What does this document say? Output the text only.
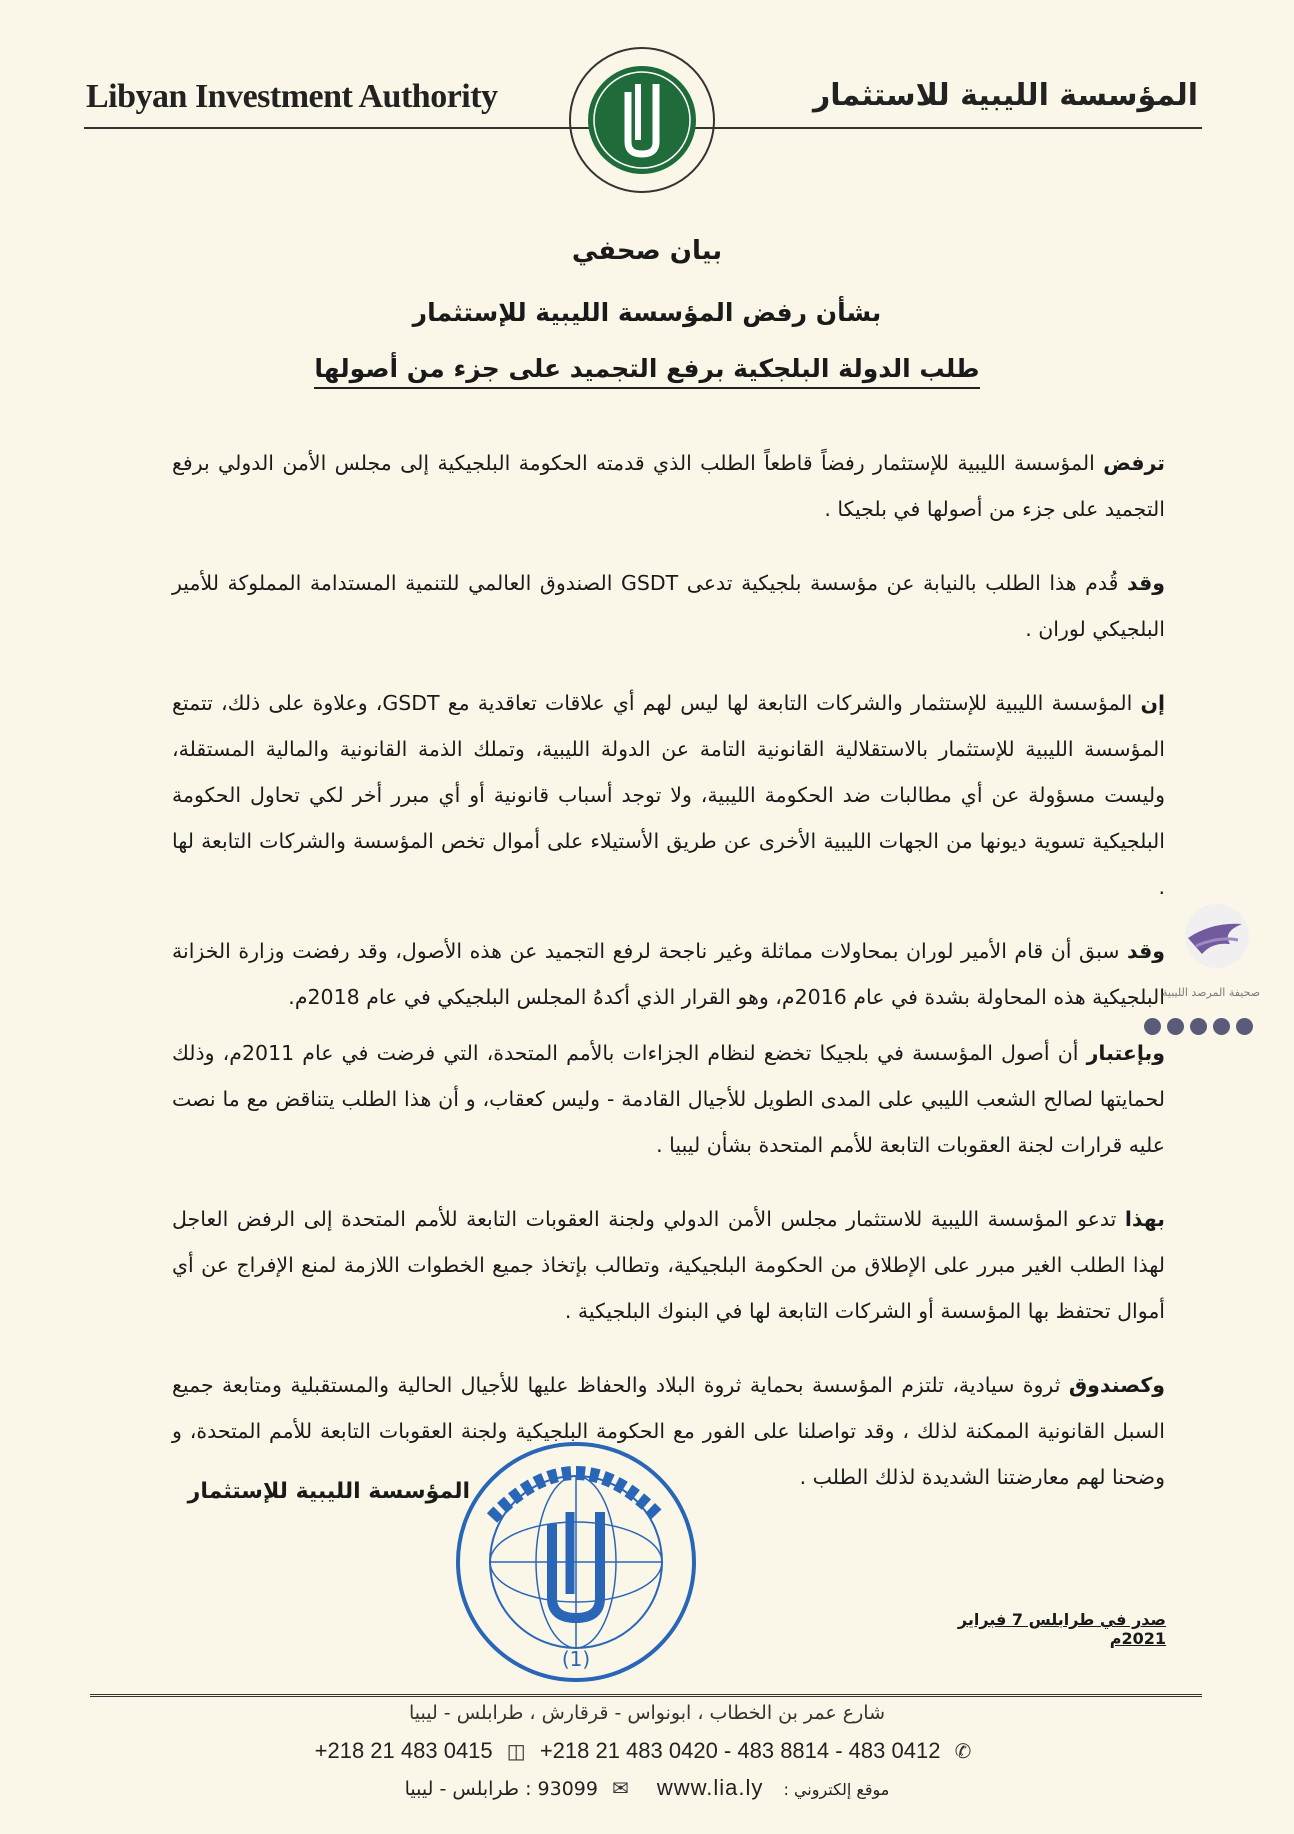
Libyan Investment Authority	المؤسسة الليبية للاستثمار
بيان صحفي
بشأن رفض المؤسسة الليبية للإستثمار
طلب الدولة البلجكية برفع التجميد على جزء من أصولها

ترفض المؤسسة الليبية للإستثمار رفضاً قاطعاً الطلب الذي قدمته الحكومة البلجيكية إلى مجلس الأمن الدولي برفع التجميد على جزء من أصولها في بلجيكا .

وقد قُدم هذا الطلب بالنيابة عن مؤسسة بلجيكية تدعى GSDT الصندوق العالمي للتنمية المستدامة المملوكة للأمير البلجيكي لوران .

إن المؤسسة الليبية للإستثمار والشركات التابعة لها ليس لهم أي علاقات تعاقدية مع GSDT، وعلاوة على ذلك، تتمتع المؤسسة الليبية للإستثمار بالاستقلالية القانونية التامة عن الدولة الليبية، وتملك الذمة القانونية والمالية المستقلة، وليست مسؤولة عن أي مطالبات ضد الحكومة الليبية، ولا توجد أسباب قانونية أو أي مبرر أخر لكي تحاول الحكومة البلجيكية تسوية ديونها من الجهات الليبية الأخرى عن طريق الأستيلاء على أموال تخص المؤسسة والشركات التابعة لها .

وقد سبق أن قام الأمير لوران بمحاولات مماثلة وغير ناجحة لرفع التجميد عن هذه الأصول، وقد رفضت وزارة الخزانة البلجيكية هذه المحاولة بشدة في عام 2016م، وهو القرار الذي أكدهُ المجلس البلجيكي في عام 2018م.

وبإعتبار أن أصول المؤسسة في بلجيكا تخضع لنظام الجزاءات بالأمم المتحدة، التي فرضت في عام 2011م، وذلك لحمايتها لصالح الشعب الليبي على المدى الطويل للأجيال القادمة - وليس كعقاب، و أن هذا الطلب يتناقض مع ما نصت عليه قرارات لجنة العقوبات التابعة للأمم المتحدة بشأن ليبيا .

بهذا تدعو المؤسسة الليبية للاستثمار مجلس الأمن الدولي ولجنة العقوبات التابعة للأمم المتحدة إلى الرفض العاجل لهذا الطلب الغير مبرر على الإطلاق من الحكومة البلجيكية، وتطالب بإتخاذ جميع الخطوات اللازمة لمنع الإفراج عن أي أموال تحتفظ بها المؤسسة أو الشركات التابعة لها في البنوك البلجيكية .

وكصندوق ثروة سيادية، تلتزم المؤسسة بحماية ثروة البلاد والحفاظ عليها للأجيال الحالية والمستقبلية ومتابعة جميع السبل القانونية الممكنة لذلك ، وقد تواصلنا على الفور مع الحكومة البلجيكية ولجنة العقوبات التابعة للأمم المتحدة، و وضحنا لهم معارضتنا الشديدة لذلك الطلب .

المؤسسة الليبية للإستثمار
(1)
صدر في طرابلس 7 فبراير 2021م
صحيفة المرصد الليبية
شارع عمر بن الخطاب ، ابونواس - قرقارش ، طرابلس - ليبيا
+218 21 483 0415 ◫ +218 21 483 0420 - 483 8814 - 483 0412 ✆
93099 : طرابلس - ليبيا ✉ www.lia.ly موقع إلكتروني :
